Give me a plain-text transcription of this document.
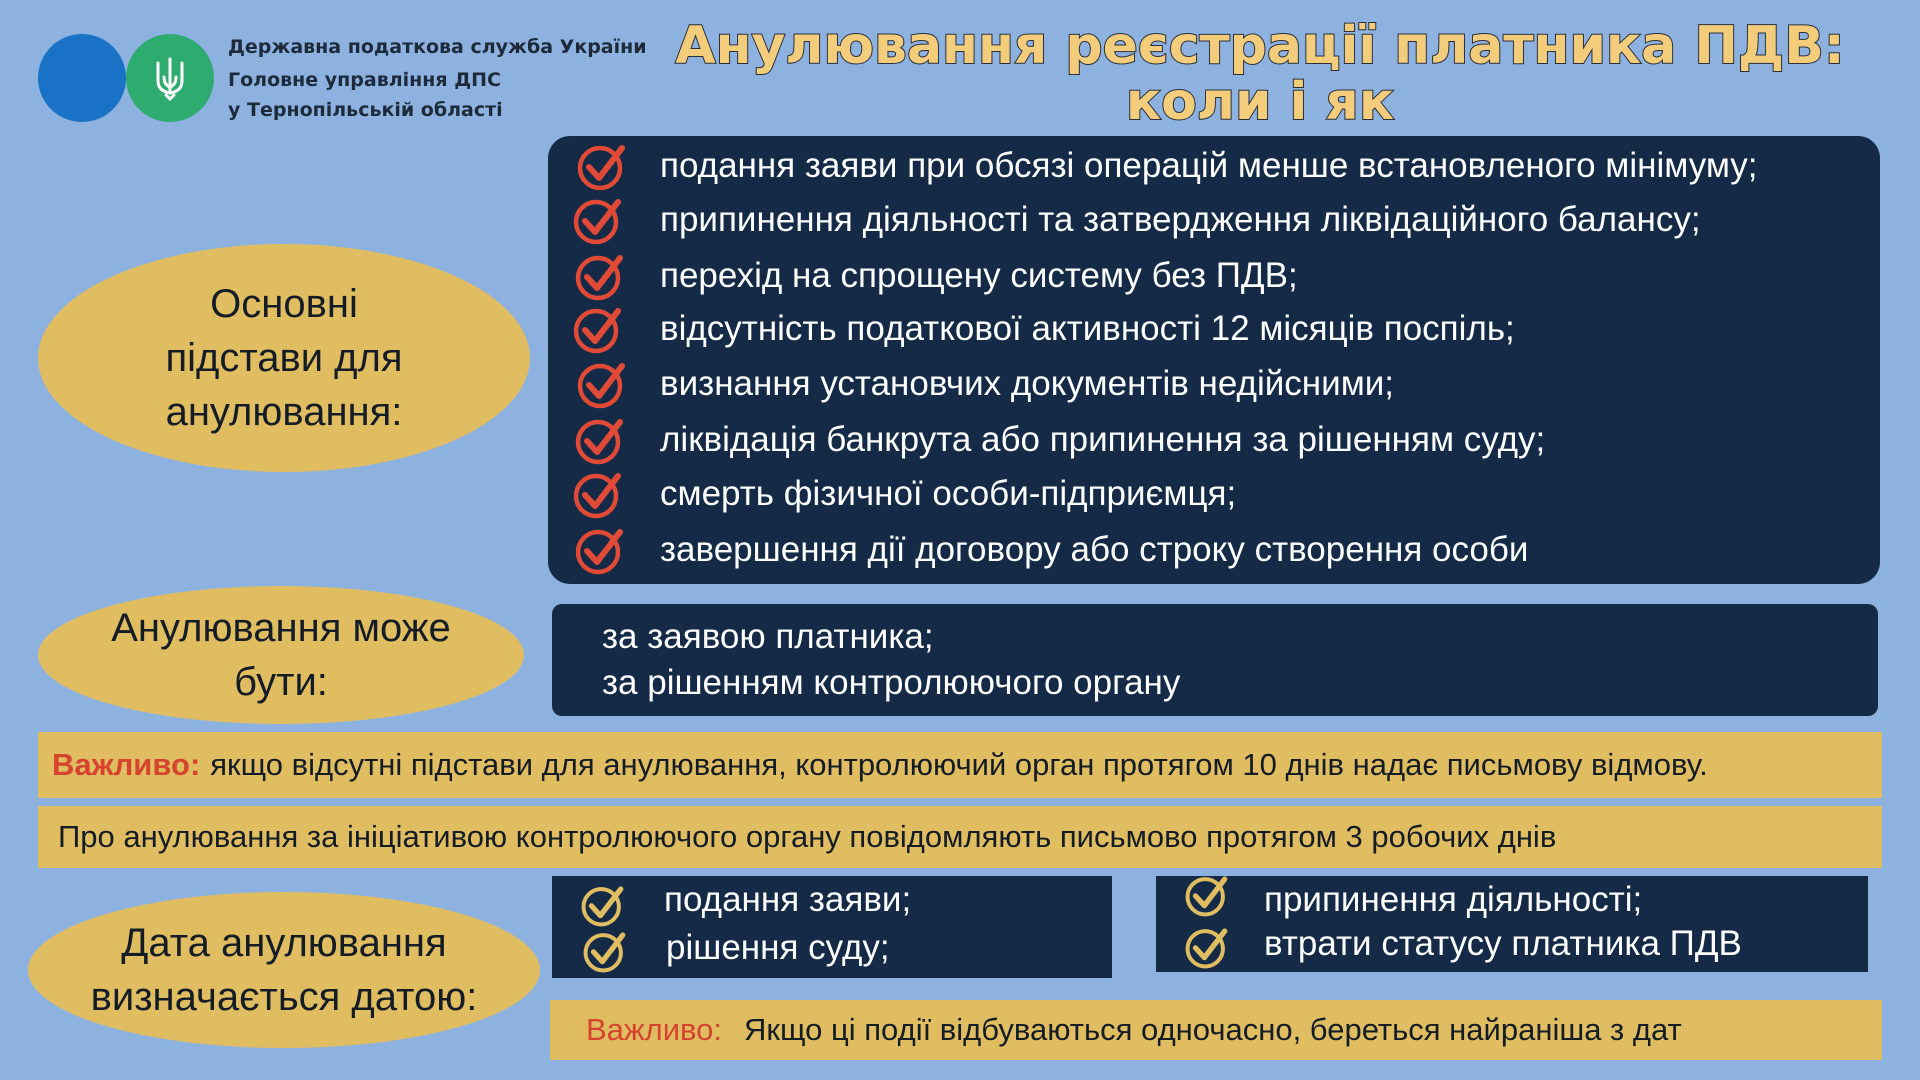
Державна податкова служба України
Головне управління ДПС
у Тернопільській області
Анулювання реєстрації платника ПДВ:
коли і як
Основні
підстави для
анулювання:
подання заяви при обсязі операцій менше встановленого мінімуму;
припинення діяльності та затвердження ліквідаційного балансу;
перехід на спрощену систему без ПДВ;
відсутність податкової активності 12 місяців поспіль;
визнання установчих документів недійсними;
ліквідація банкрута або припинення за рішенням суду;
смерть фізичної особи-підприємця;
завершення дії договору або строку створення особи
Анулювання може
бути:
за заявою платника;
за рішенням контролюючого органу
Важливо: якщо відсутні підстави для анулювання, контролюючий орган протягом 10 днів надає письмову відмову.
Про анулювання за ініціативою контролюючого органу повідомляють письмово протягом 3 робочих днів
Дата анулювання
визначається датою:
подання заяви;
рішення суду;
припинення діяльності;
втрати статусу платника ПДВ
Важливо: Якщо ці події відбуваються одночасно, береться найраніша з дат
